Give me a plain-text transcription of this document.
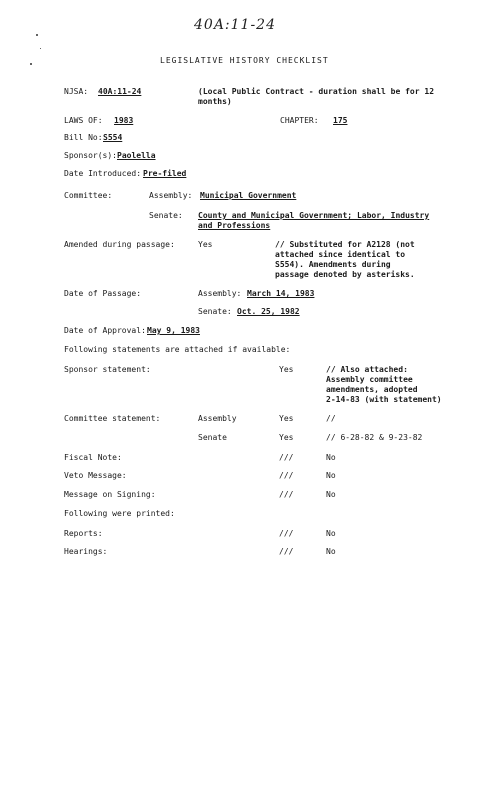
40A:11-24
LEGISLATIVE HISTORY CHECKLIST
NJSA: 40A:11-24	(Local Public Contract - duration shall be for 12
months)
LAWS OF: 1983	CHAPTER: 175
Bill No: S554
Sponsor(s): Paolella
Date Introduced: Pre-filed
Committee:	Assembly: Municipal Government
Senate: County and Municipal Government; Labor, Industry
and Professions
Amended during passage:	Yes	// Substituted for A2128 (not
attached since identical to
S554). Amendments during
passage denoted by asterisks.
Date of Passage:	Assembly: March 14, 1983
Senate: Oct. 25, 1982
Date of Approval: May 9, 1983
Following statements are attached if available:
Sponsor statement:	Yes	// Also attached:
Assembly committee
amendments, adopted
2-14-83 (with statement)
Committee statement:	Assembly	Yes	//
Senate	Yes	// 6-28-82 & 9-23-82
Fiscal Note:	///	No
Veto Message:	///	No
Message on Signing:	///	No
Following were printed:
Reports:	///	No
Hearings:	///	No
